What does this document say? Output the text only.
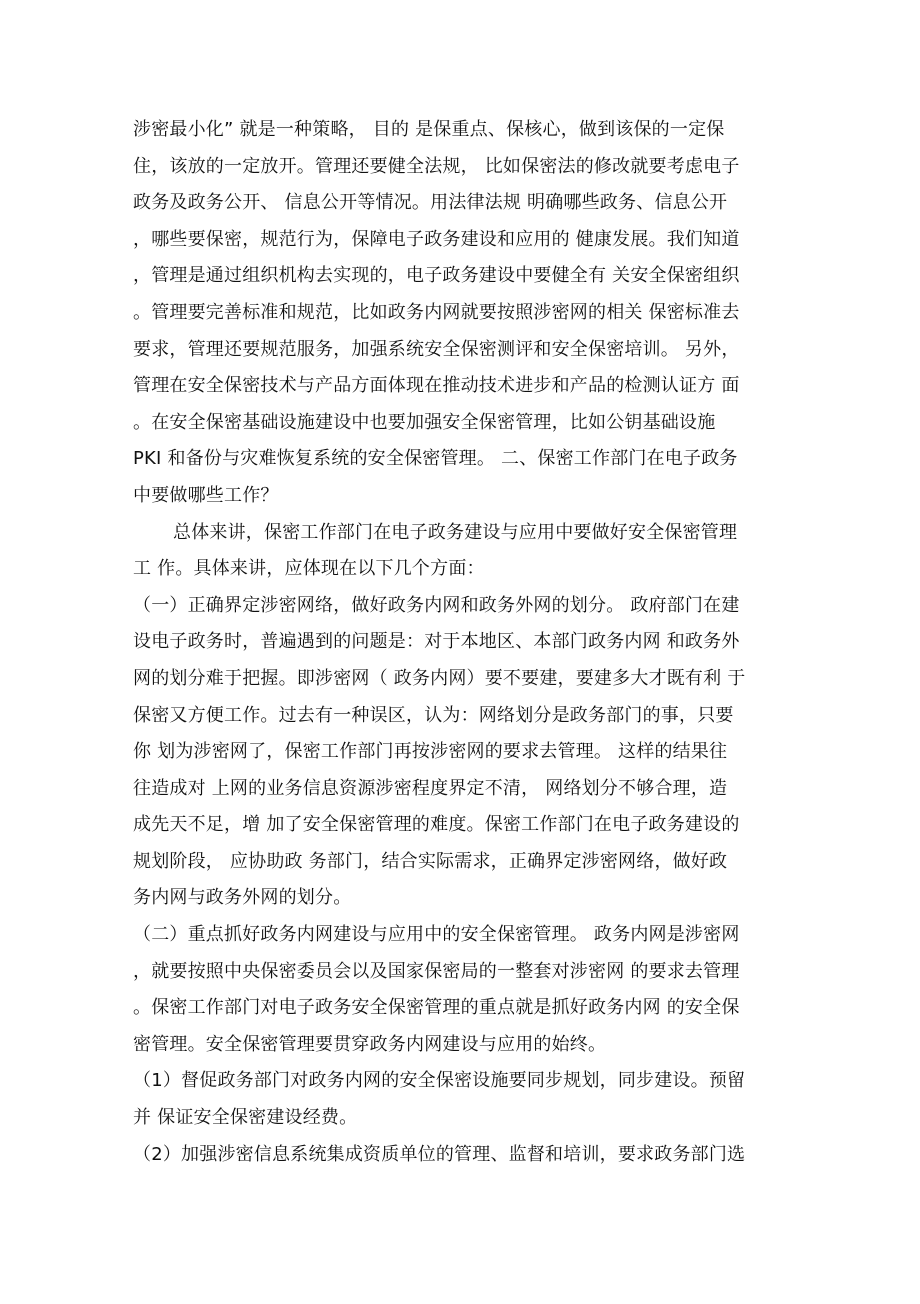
涉密最小化” 就是一种策略， 目的 是保重点、保核心，做到该保的一定保
住，该放的一定放开。管理还要健全法规， 比如保密法的修改就要考虑电子
政务及政务公开、 信息公开等情况。用法律法规 明确哪些政务、信息公开
，哪些要保密，规范行为，保障电子政务建设和应用的 健康发展。我们知道
，管理是通过组织机构去实现的，电子政务建设中要健全有 关安全保密组织
。管理要完善标准和规范，比如政务内网就要按照涉密网的相关 保密标准去
要求，管理还要规范服务，加强系统安全保密测评和安全保密培训。 另外，
管理在安全保密技术与产品方面体现在推动技术进步和产品的检测认证方 面
。在安全保密基础设施建设中也要加强安全保密管理，比如公钥基础设施
PKI 和备份与灾难恢复系统的安全保密管理。 二、保密工作部门在电子政务
中要做哪些工作？
总体来讲，保密工作部门在电子政务建设与应用中要做好安全保密管理
工 作。具体来讲，应体现在以下几个方面：
（一）正确界定涉密网络，做好政务内网和政务外网的划分。 政府部门在建
设电子政务时，普遍遇到的问题是：对于本地区、本部门政务内网 和政务外
网的划分难于把握。即涉密网（ 政务内网）要不要建，要建多大才既有利 于
保密又方便工作。过去有一种误区，认为：网络划分是政务部门的事，只要
你 划为涉密网了，保密工作部门再按涉密网的要求去管理。 这样的结果往
往造成对 上网的业务信息资源涉密程度界定不清， 网络划分不够合理，造
成先天不足，增 加了安全保密管理的难度。保密工作部门在电子政务建设的
规划阶段， 应协助政 务部门，结合实际需求，正确界定涉密网络，做好政
务内网与政务外网的划分。
（二）重点抓好政务内网建设与应用中的安全保密管理。 政务内网是涉密网
，就要按照中央保密委员会以及国家保密局的一整套对涉密网 的要求去管理
。保密工作部门对电子政务安全保密管理的重点就是抓好政务内网 的安全保
密管理。安全保密管理要贯穿政务内网建设与应用的始终。
（1）督促政务部门对政务内网的安全保密设施要同步规划，同步建设。预留
并 保证安全保密建设经费。
（2）加强涉密信息系统集成资质单位的管理、监督和培训，要求政务部门选
